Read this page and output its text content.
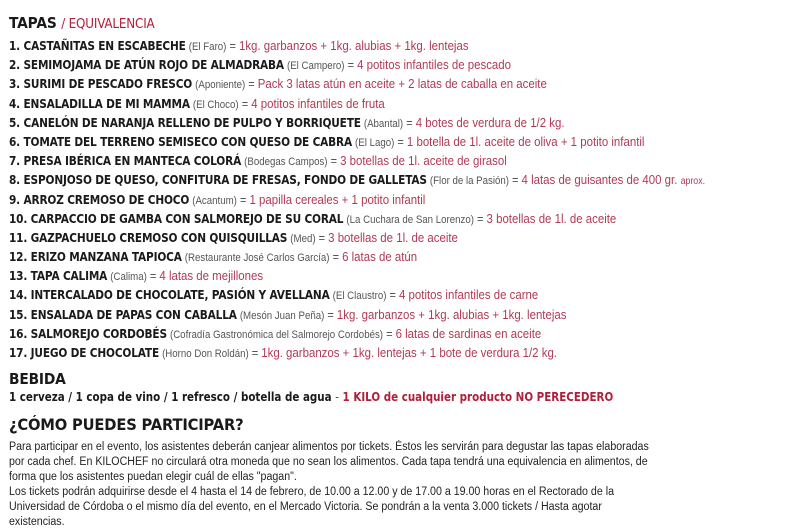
TAPAS / EQUIVALENCIA
1. CASTAÑITAS EN ESCABECHE (El Faro) = 1kg. garbanzos + 1kg. alubias + 1kg. lentejas
2. SEMIMOJAMA DE ATÚN ROJO DE ALMADRABA (El Campero) = 4 potitos infantiles de pescado
3. SURIMI DE PESCADO FRESCO (Aponiente) = Pack 3 latas atún en aceite + 2 latas de caballa en aceite
4. ENSALADILLA DE MI MAMMA (El Choco) = 4 potitos infantiles de fruta
5. CANELÓN DE NARANJA RELLENO DE PULPO Y BORRIQUETE (Abantal) = 4 botes de verdura de 1/2 kg.
6. TOMATE DEL TERRENO SEMISECO CON QUESO DE CABRA (El Lago) = 1 botella de 1l. aceite de oliva + 1 potito infantil
7. PRESA IBÉRICA EN MANTECA COLORÁ (Bodegas Campos) = 3 botellas de 1l. aceite de girasol
8. ESPONJOSO DE QUESO, CONFITURA DE FRESAS, FONDO DE GALLETAS (Flor de la Pasión) = 4 latas de guisantes de 400 gr. aprox.
9. ARROZ CREMOSO DE CHOCO (Acantum) = 1 papilla cereales + 1 potito infantil
10. CARPACCIO DE GAMBA CON SALMOREJO DE SU CORAL (La Cuchara de San Lorenzo) = 3 botellas de 1l. de aceite
11. GAZPACHUELO CREMOSO CON QUISQUILLAS (Med) = 3 botellas de 1l. de aceite
12. ERIZO MANZANA TAPIOCA (Restaurante José Carlos García) = 6 latas de atún
13. TAPA CALIMA (Calima) = 4 latas de mejillones
14. INTERCALADO DE CHOCOLATE, PASIÓN Y AVELLANA (El Claustro) = 4 potitos infantiles de carne
15. ENSALADA DE PAPAS CON CABALLA (Mesón Juan Peña) = 1kg. garbanzos + 1kg. alubias + 1kg. lentejas
16. SALMOREJO CORDOBÉS (Cofradía Gastronómica del Salmorejo Cordobés) = 6 latas de sardinas en aceite
17. JUEGO DE CHOCOLATE (Horno Don Roldán) = 1kg. garbanzos + 1kg. lentejas + 1 bote de verdura 1/2 kg.
BEBIDA
1 cerveza / 1 copa de vino / 1 refresco / botella de agua - 1 KILO de cualquier producto NO PERECEDERO
¿CÓMO PUEDES PARTICIPAR?

Para participar en el evento, los asistentes deberán canjear alimentos por tickets. Éstos les servirán para degustar las tapas elaboradas por cada chef. En KILOCHEF no circulará otra moneda que no sean los alimentos. Cada tapa tendrá una equivalencia en alimentos, de forma que los asistentes puedan elegir cuál de ellas "pagan".

Los tickets podrán adquirirse desde el 4 hasta el 14 de febrero, de 10.00 a 12.00 y de 17.00 a 19.00 horas en el Rectorado de la Universidad de Córdoba o el mismo día del evento, en el Mercado Victoria. Se pondrán a la venta 3.000 tickets / Hasta agotar existencias.
